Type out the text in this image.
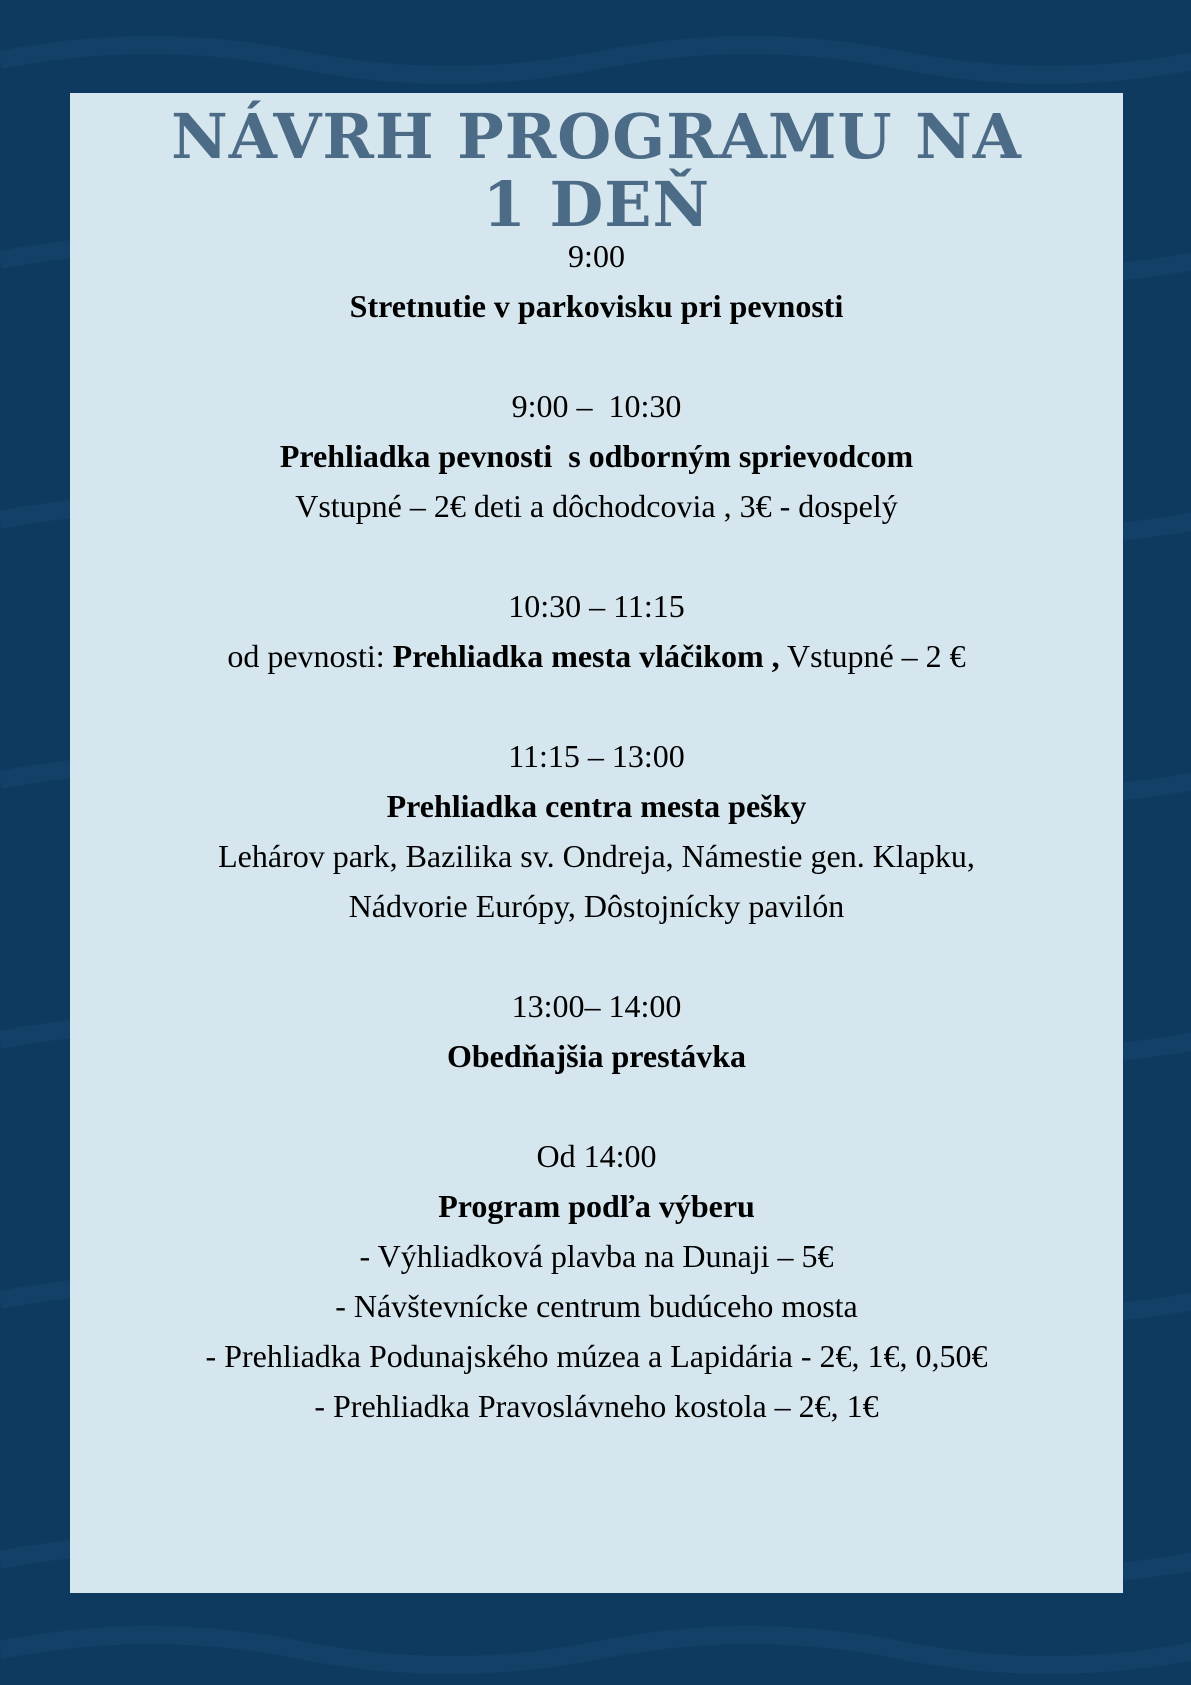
NÁVRH PROGRAMU NA
1 DEŇ
9:00
Stretnutie v parkovisku pri pevnosti
9:00 –  10:30
Prehliadka pevnosti  s odborným sprievodcom
Vstupné – 2€ deti a dôchodcovia , 3€ - dospelý
10:30 – 11:15
od pevnosti: Prehliadka mesta vláčikom , Vstupné – 2 €
11:15 – 13:00
Prehliadka centra mesta pešky
Lehárov park, Bazilika sv. Ondreja, Námestie gen. Klapku,
Nádvorie Európy, Dôstojnícky pavilón
13:00– 14:00
Obedňajšia prestávka
Od 14:00
Program podľa výberu
- Výhliadková plavba na Dunaji – 5€
- Návštevnícke centrum budúceho mosta
- Prehliadka Podunajského múzea a Lapidária - 2€, 1€, 0,50€
- Prehliadka Pravoslávneho kostola – 2€, 1€
